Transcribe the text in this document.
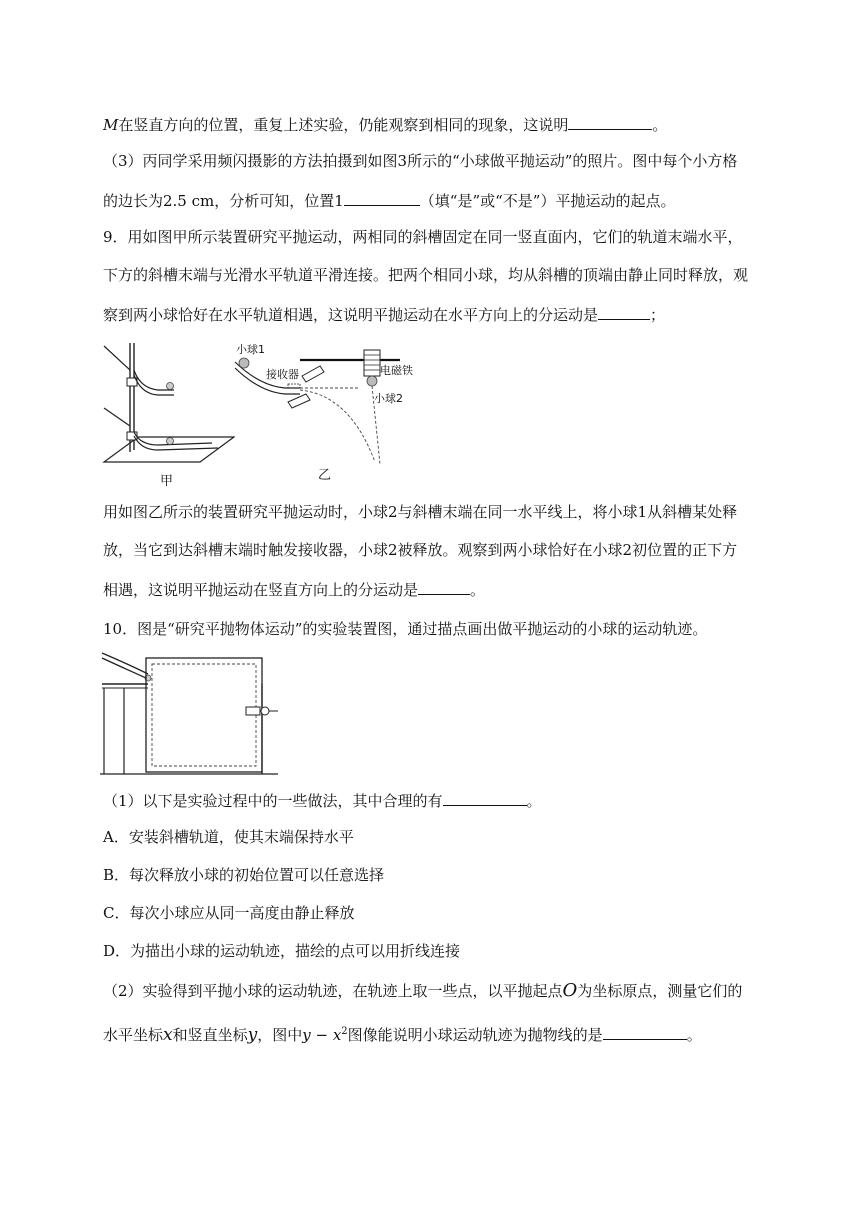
M在竖直方向的位置，重复上述实验，仍能观察到相同的现象，这说明	。
（3）丙同学采用频闪摄影的方法拍摄到如图3所示的“小球做平抛运动”的照片。图中每个小方格
的边长为2.5 cm，分析可知，位置1	（填“是”或“不是”）平抛运动的起点。
9．用如图甲所示装置研究平抛运动，两相同的斜槽固定在同一竖直面内，它们的轨道末端水平，
下方的斜槽末端与光滑水平轨道平滑连接。把两个相同小球，均从斜槽的顶端由静止同时释放，观
察到两小球恰好在水平轨道相遇，这说明平抛运动在水平方向上的分运动是	；
甲
小球1
接收器	电磁铁
小球2
乙
用如图乙所示的装置研究平抛运动时，小球2与斜槽末端在同一水平线上，将小球1从斜槽某处释
放，当它到达斜槽末端时触发接收器，小球2被释放。观察到两小球恰好在小球2初位置的正下方
相遇，这说明平抛运动在竖直方向上的分运动是	。
10．图是“研究平抛物体运动”的实验装置图，通过描点画出做平抛运动的小球的运动轨迹。
（1）以下是实验过程中的一些做法，其中合理的有	。
A．安装斜槽轨道，使其末端保持水平
B．每次释放小球的初始位置可以任意选择
C．每次小球应从同一高度由静止释放
D．为描出小球的运动轨迹，描绘的点可以用折线连接
（2）实验得到平抛小球的运动轨迹，在轨迹上取一些点，以平抛起点O为坐标原点，测量它们的
水平坐标x和竖直坐标y，图中$y - x^2$图像能说明小球运动轨迹为抛物线的是	。
